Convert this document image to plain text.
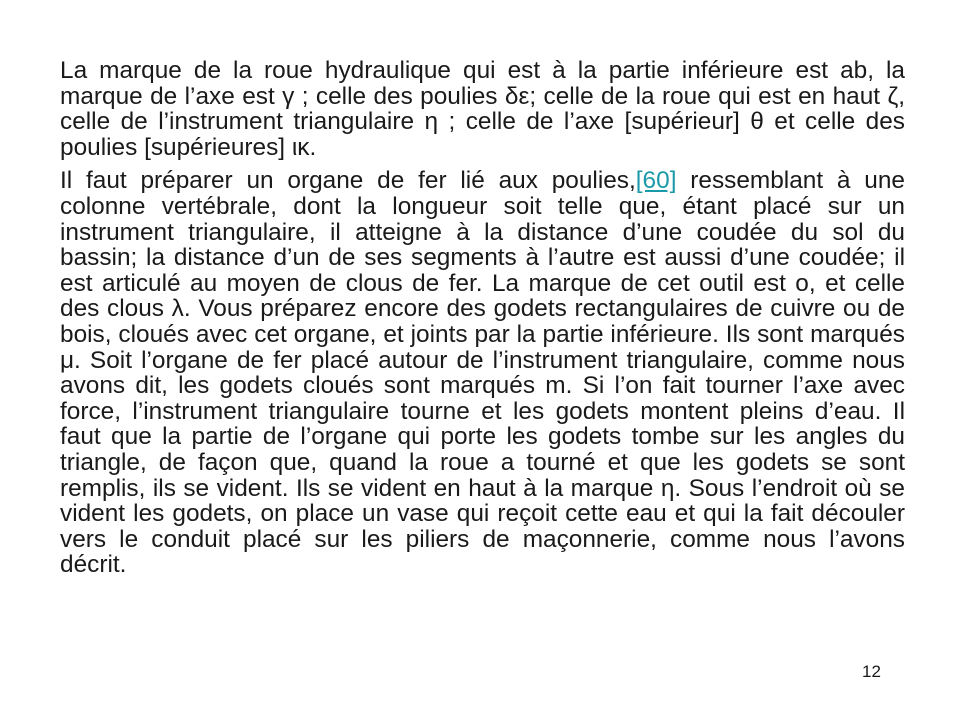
La marque de la roue hydraulique qui est à la partie inférieure est ab, la marque de l’axe est γ ; celle des poulies δε; celle de la roue qui est en haut ζ, celle de l’instrument triangulaire η ; celle de l’axe [supérieur] θ et celle des poulies [supérieures] ικ.

Il faut préparer un organe de fer lié aux poulies,[60] ressemblant à une colonne vertébrale, dont la longueur soit telle que, étant placé sur un instrument triangulaire, il atteigne à la distance d’une coudée du sol du bassin; la distance d’un de ses segments à l’autre est aussi d’une coudée; il est articulé au moyen de clous de fer. La marque de cet outil est o, et celle des clous λ. Vous préparez encore des godets rectangulaires de cuivre ou de bois, cloués avec cet organe, et joints par la partie inférieure. Ils sont marqués μ. Soit l’organe de fer placé autour de l’instrument triangulaire, comme nous avons dit, les godets cloués sont marqués m. Si l’on fait tourner l’axe avec force, l’instrument triangulaire tourne et les godets montent pleins d’eau. Il faut que la partie de l’organe qui porte les godets tombe sur les angles du triangle, de façon que, quand la roue a tourné et que les godets se sont remplis, ils se vident. Ils se vident en haut à la marque η. Sous l’endroit où se vident les godets, on place un vase qui reçoit cette eau et qui la fait découler vers le conduit placé sur les piliers de maçonnerie, comme nous l’avons décrit.

12
